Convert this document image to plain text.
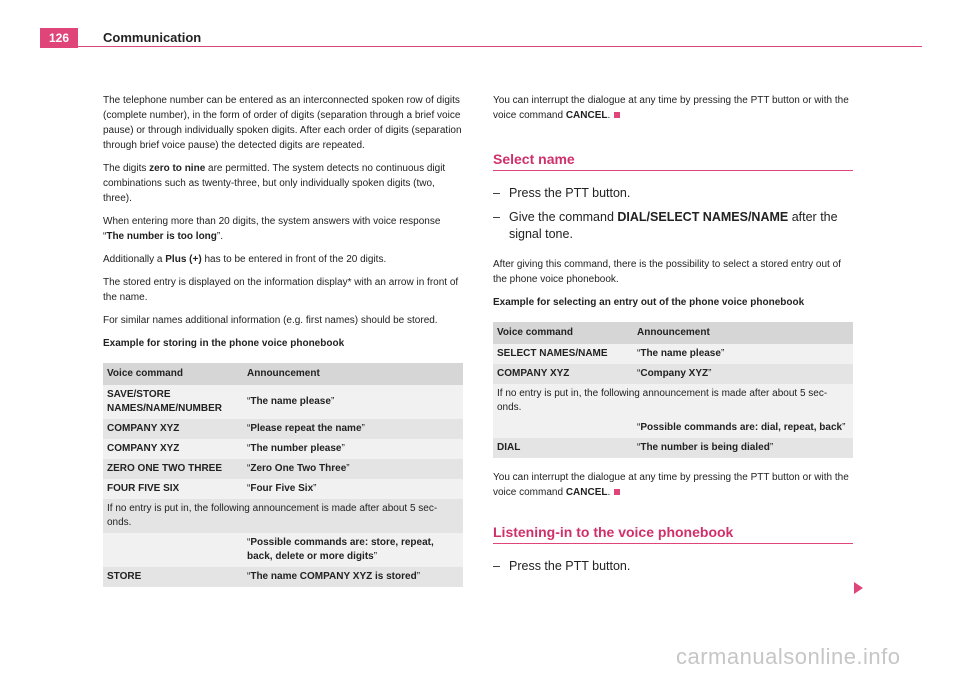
126	Communication

The telephone number can be entered as an interconnected spoken row of digits (complete number), in the form of order of digits (separation through a brief voice pause) or through individually spoken digits. After each order of digits (separation through brief voice pause) the detected digits are repeated.

The digits zero to nine are permitted. The system detects no continuous digit combinations such as twenty-three, but only individually spoken digits (two, three).

When entering more than 20 digits, the system answers with voice response “The number is too long”.

Additionally a Plus (+) has to be entered in front of the 20 digits.

The stored entry is displayed on the information display* with an arrow in front of the name.

For similar names additional information (e.g. first names) should be stored.

Example for storing in the phone voice phonebook

Voice command	Announcement
SAVE/STORE NAMES/NAME/NUMBER	“The name please”
COMPANY XYZ	“Please repeat the name”
COMPANY XYZ	“The number please”
ZERO ONE TWO THREE	“Zero One Two Three”
FOUR FIVE SIX	“Four Five Six”
If no entry is put in, the following announcement is made after about 5 sec- onds.	
	“Possible commands are: store, repeat, back, delete or more digits”
STORE	“The name COMPANY XYZ is stored”

You can interrupt the dialogue at any time by pressing the PTT button or with the voice command CANCEL.

Select name
– Press the PTT button.
– Give the command DIAL/SELECT NAMES/NAME after the signal tone.

After giving this command, there is the possibility to select a stored entry out of the phone voice phonebook.

Example for selecting an entry out of the phone voice phonebook

Voice command	Announcement
SELECT NAMES/NAME	“The name please”
COMPANY XYZ	“Company XYZ”
If no entry is put in, the following announcement is made after about 5 sec- onds.	
	“Possible commands are: dial, repeat, back”
DIAL	“The number is being dialed”

You can interrupt the dialogue at any time by pressing the PTT button or with the voice command CANCEL.

Listening-in to the voice phonebook
– Press the PTT button.
carmanualsonline.info
